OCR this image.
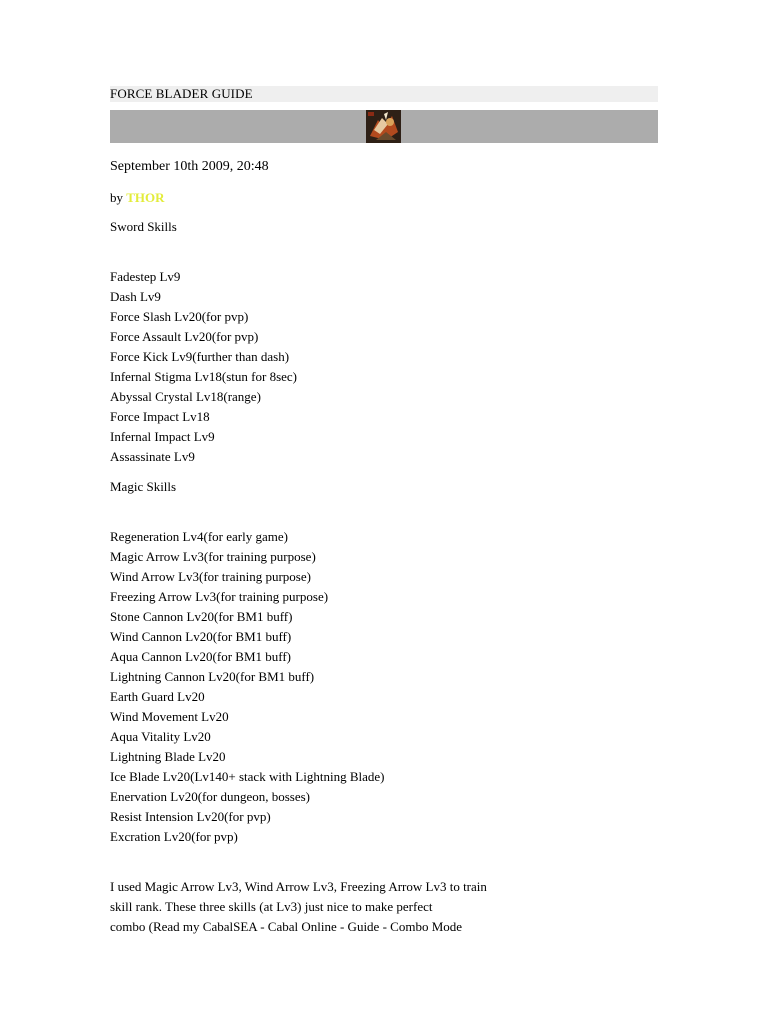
FORCE BLADER GUIDE
September 10th 2009, 20:48
by THOR
Sword Skills
Fadestep Lv9
Dash Lv9
Force Slash Lv20(for pvp)
Force Assault Lv20(for pvp)
Force Kick Lv9(further than dash)
Infernal Stigma Lv18(stun for 8sec)
Abyssal Crystal Lv18(range)
Force Impact Lv18
Infernal Impact Lv9
Assassinate Lv9
Magic Skills
Regeneration Lv4(for early game)
Magic Arrow Lv3(for training purpose)
Wind Arrow Lv3(for training purpose)
Freezing Arrow Lv3(for training purpose)
Stone Cannon Lv20(for BM1 buff)
Wind Cannon Lv20(for BM1 buff)
Aqua Cannon Lv20(for BM1 buff)
Lightning Cannon Lv20(for BM1 buff)
Earth Guard Lv20
Wind Movement Lv20
Aqua Vitality Lv20
Lightning Blade Lv20
Ice Blade Lv20(Lv140+ stack with Lightning Blade)
Enervation Lv20(for dungeon, bosses)
Resist Intension Lv20(for pvp)
Excration Lv20(for pvp)
I used Magic Arrow Lv3, Wind Arrow Lv3, Freezing Arrow Lv3 to train
skill rank. These three skills (at Lv3) just nice to make perfect
combo (Read my CabalSEA - Cabal Online - Guide - Combo Mode
